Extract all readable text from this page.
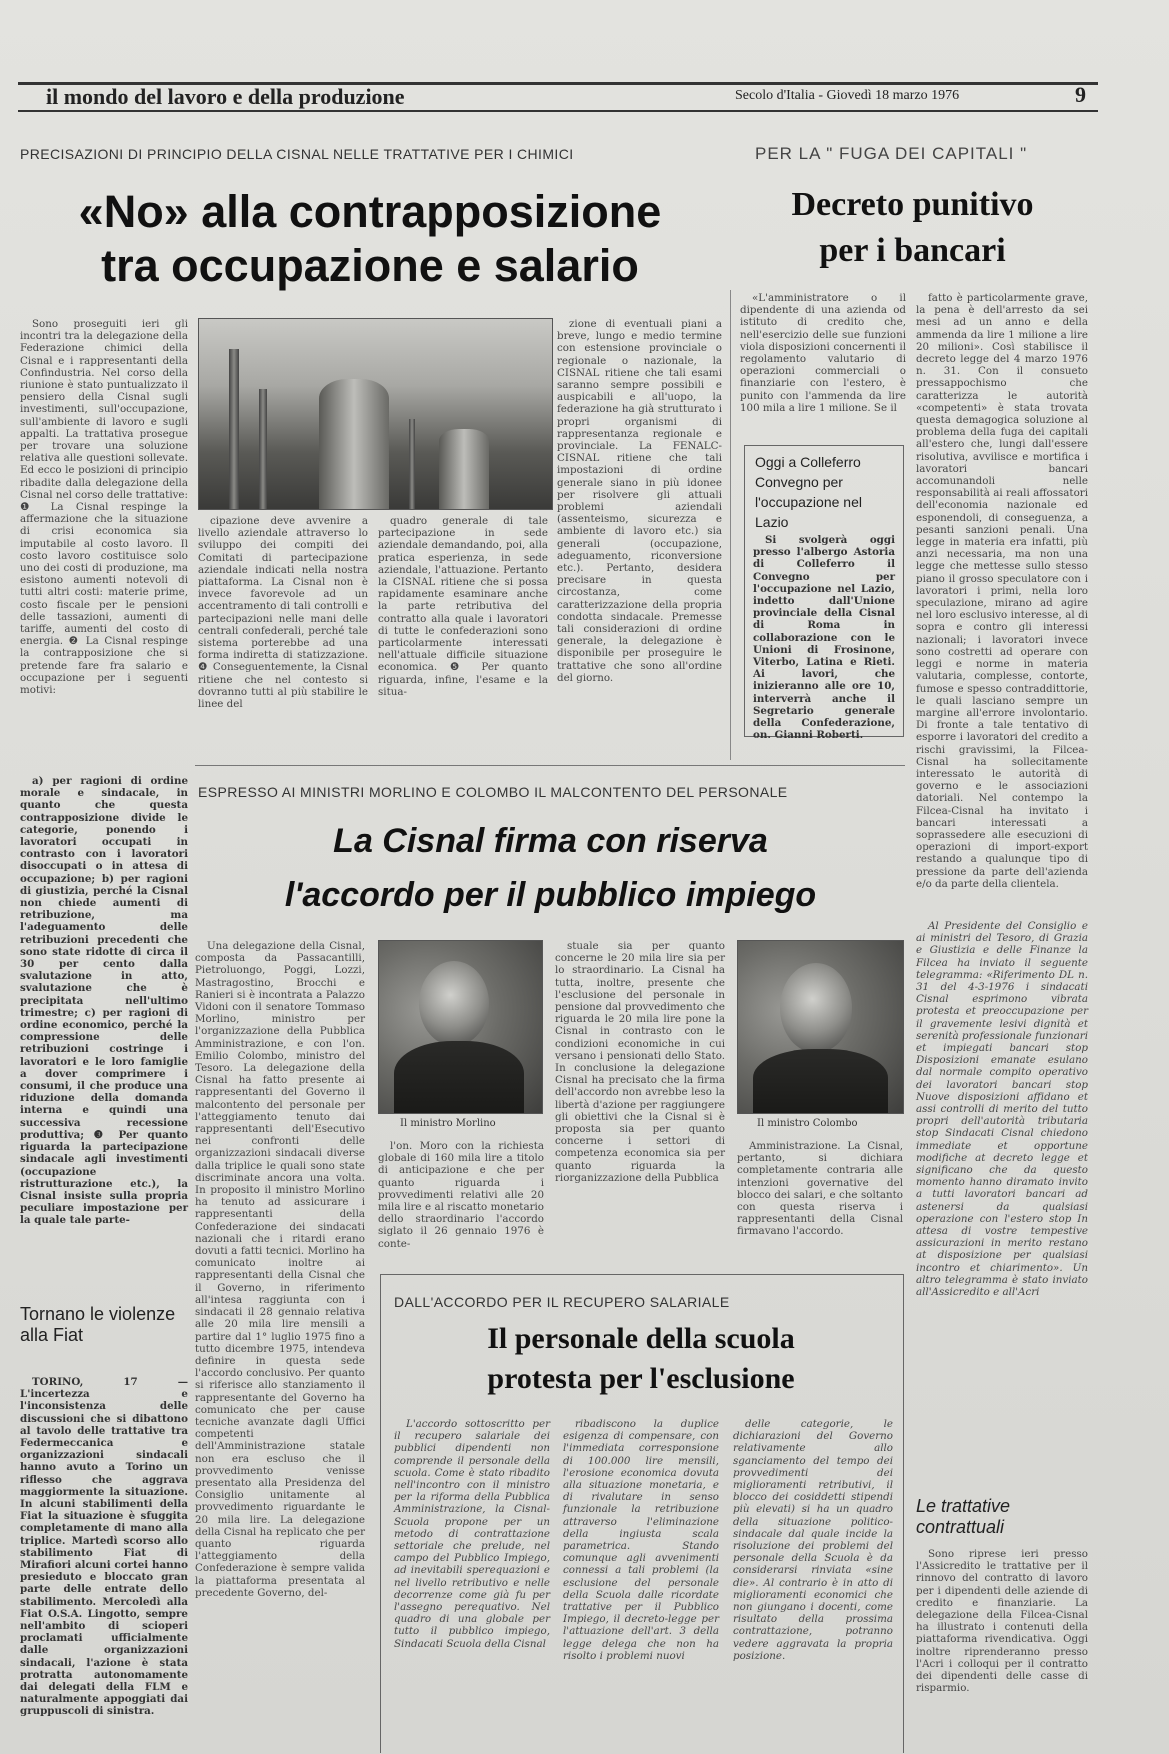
il mondo del lavoro e della produzione	Secolo d'Italia - Giovedì 18 marzo 1976	9
PRECISAZIONI DI PRINCIPIO DELLA CISNAL NELLE TRATTATIVE PER I CHIMICI
«No» alla contrapposizione
tra occupazione e salario

Sono proseguiti ieri gli incontri tra la delegazione della Federazione chimici della Cisnal e i rappresentanti della Confindustria. Nel corso della riunione è stato puntualizzato il pensiero della Cisnal sugli investimenti, sull'occupazione, sull'ambiente di lavoro e sugli appalti. La trattativa prosegue per trovare una soluzione relativa alle questioni sollevate. Ed ecco le posizioni di principio ribadite dalla delegazione della Cisnal nel corso delle trattative: ❶ La Cisnal respinge la affermazione che la situazione di crisi economica sia imputabile al costo lavoro. Il costo lavoro costituisce solo uno dei costi di produzione, ma esistono aumenti notevoli di tutti altri costi: materie prime, costo fiscale per le pensioni delle tassazioni, aumenti di tariffe, aumenti del costo di energia. ❷ La Cisnal respinge la contrapposizione che si pretende fare fra salario e occupazione per i seguenti motivi:

a) per ragioni di ordine morale e sindacale, in quanto che questa contrapposizione divide le categorie, ponendo i lavoratori occupati in contrasto con i lavoratori disoccupati o in attesa di occupazione; b) per ragioni di giustizia, perché la Cisnal non chiede aumenti di retribuzione, ma l'adeguamento delle retribuzioni precedenti che sono state ridotte di circa il 30 per cento dalla svalutazione in atto, svalutazione che è precipitata nell'ultimo trimestre; c) per ragioni di ordine economico, perché la compressione delle retribuzioni costringe i lavoratori e le loro famiglie a dover comprimere i consumi, il che produce una riduzione della domanda interna e quindi una successiva recessione produttiva; ❸ Per quanto riguarda la partecipazione sindacale agli investimenti (occupazione ristrutturazione etc.), la Cisnal insiste sulla propria peculiare impostazione per la quale tale parte-

cipazione deve avvenire a livello aziendale attraverso lo sviluppo dei compiti dei Comitati di partecipazione aziendale indicati nella nostra piattaforma. La Cisnal non è invece favorevole ad un accentramento di tali controlli e partecipazioni nelle mani delle centrali confederali, perché tale sistema porterebbe ad una forma indiretta di statizzazione. ❹ Conseguentemente, la Cisnal ritiene che nel contesto si dovranno tutti al più stabilire le linee del

quadro generale di tale partecipazione in sede aziendale demandando, poi, alla pratica esperienza, in sede aziendale, l'attuazione. Pertanto la CISNAL ritiene che si possa rapidamente esaminare anche la parte retributiva del contratto alla quale i lavoratori di tutte le confederazioni sono particolarmente interessati nell'attuale difficile situazione economica. ❺ Per quanto riguarda, infine, l'esame e la situa-

zione di eventuali piani a breve, lungo e medio termine con estensione provinciale o regionale o nazionale, la CISNAL ritiene che tali esami saranno sempre possibili e auspicabili e all'uopo, la federazione ha già strutturato i propri organismi di rappresentanza regionale e provinciale. La FENALC-CISNAL ritiene che tali impostazioni di ordine generale siano in più idonee per risolvere gli attuali problemi aziendali (assenteismo, sicurezza e ambiente di lavoro etc.) sia generali (occupazione, adeguamento, riconversione etc.). Pertanto, desidera precisare in questa circostanza, come caratterizzazione della propria condotta sindacale. Premesse tali considerazioni di ordine generale, la delegazione è disponibile per proseguire le trattative che sono all'ordine del giorno.

PER LA " FUGA DEI CAPITALI "
Decreto punitivo
per i bancari

«L'amministratore o il dipendente di una azienda od istituto di credito che, nell'esercizio delle sue funzioni viola disposizioni concernenti il regolamento valutario di operazioni commerciali o finanziarie con l'estero, è punito con l'ammenda da lire 100 mila a lire 1 milione. Se il

Oggi a Colleferro Convegno per l'occupazione nel Lazio

Si svolgerà oggi presso l'albergo Astoria di Colleferro il Convegno per l'occupazione nel Lazio, indetto dall'Unione provinciale della Cisnal di Roma in collaborazione con le Unioni di Frosinone, Viterbo, Latina e Rieti. Ai lavori, che inizieranno alle ore 10, interverrà anche il Segretario generale della Confederazione, on. Gianni Roberti.

fatto è particolarmente grave, la pena è dell'arresto da sei mesi ad un anno e della ammenda da lire 1 milione a lire 20 milioni». Così stabilisce il decreto legge del 4 marzo 1976 n. 31. Con il consueto pressappochismo che caratterizza le autorità «competenti» è stata trovata questa demagogica soluzione al problema della fuga dei capitali all'estero che, lungi dall'essere risolutiva, avvilisce e mortifica i lavoratori bancari accomunandoli nelle responsabilità ai reali affossatori dell'economia nazionale ed esponendoli, di conseguenza, a pesanti sanzioni penali. Una legge in materia era infatti, più anzi necessaria, ma non una legge che mettesse sullo stesso piano il grosso speculatore con i lavoratori i primi, nella loro speculazione, mirano ad agire nel loro esclusivo interesse, al di sopra e contro gli interessi nazionali; i lavoratori invece sono costretti ad operare con leggi e norme in materia valutaria, complesse, contorte, fumose e spesso contraddittorie, le quali lasciano sempre un margine all'errore involontario. Di fronte a tale tentativo di esporre i lavoratori del credito a rischi gravissimi, la Filcea-Cisnal ha sollecitamente interessato le autorità di governo e le associazioni datoriali. Nel contempo la Filcea-Cisnal ha invitato i bancari interessati a soprassedere alle esecuzioni di operazioni di import-export restando a qualunque tipo di pressione da parte dell'azienda e/o da parte della clientela.

Al Presidente del Consiglio e ai ministri del Tesoro, di Grazia e Giustizia e delle Finanze la Filcea ha inviato il seguente telegramma: «Riferimento DL n. 31 del 4-3-1976 i sindacati Cisnal esprimono vibrata protesta et preoccupazione per il gravemente lesivi dignità et serenità professionale funzionari et impiegati bancari stop Disposizioni emanate esulano dal normale compito operativo dei lavoratori bancari stop Nuove disposizioni affidano et assi controlli di merito del tutto propri dell'autorità tributaria stop Sindacati Cisnal chiedono immediate et opportune modifiche at decreto legge et significano che da questo momento hanno diramato invito a tutti lavoratori bancari ad astenersi da qualsiasi operazione con l'estero stop In attesa di vostre tempestive assicurazioni in merito restano at disposizione per qualsiasi incontro et chiarimento». Un altro telegramma è stato inviato all'Assicredito e all'Acri

Le trattative contrattuali

Sono riprese ieri presso l'Assicredito le trattative per il rinnovo del contratto di lavoro per i dipendenti delle aziende di credito e finanziarie. La delegazione della Filcea-Cisnal ha illustrato i contenuti della piattaforma rivendicativa. Oggi inoltre riprenderanno presso l'Acri i colloqui per il contratto dei dipendenti delle casse di risparmio.

ESPRESSO AI MINISTRI MORLINO E COLOMBO IL MALCONTENTO DEL PERSONALE
La Cisnal firma con riserva
l'accordo per il pubblico impiego

Una delegazione della Cisnal, composta da Passacantilli, Pietroluongo, Poggi, Lozzi, Mastragostino, Brocchi e Ranieri si è incontrata a Palazzo Vidoni con il senatore Tommaso Morlino, ministro per l'organizzazione della Pubblica Amministrazione, e con l'on. Emilio Colombo, ministro del Tesoro. La delegazione della Cisnal ha fatto presente ai rappresentanti del Governo il malcontento del personale per l'atteggiamento tenuto dai rappresentanti dell'Esecutivo nei confronti delle organizzazioni sindacali diverse dalla triplice le quali sono state discriminate ancora una volta. In proposito il ministro Morlino ha tenuto ad assicurare i rappresentanti della Confederazione dei sindacati nazionali che i ritardi erano dovuti a fatti tecnici. Morlino ha comunicato inoltre ai rappresentanti della Cisnal che il Governo, in riferimento all'intesa raggiunta con i sindacati il 28 gennaio relativa alle 20 mila lire mensili a partire dal 1° luglio 1975 fino a tutto dicembre 1975, intendeva definire in questa sede l'accordo conclusivo. Per quanto si riferisce allo stanziamento il rappresentante del Governo ha comunicato che per cause tecniche avanzate dagli Uffici competenti dell'Amministrazione statale non era escluso che il provvedimento venisse presentato alla Presidenza del Consiglio unitamente al provvedimento riguardante le 20 mila lire. La delegazione della Cisnal ha replicato che per quanto riguarda l'atteggiamento della Confederazione è sempre valida la piattaforma presentata al precedente Governo, del-

Il ministro Morlino

l'on. Moro con la richiesta globale di 160 mila lire a titolo di anticipazione e che per quanto riguarda i provvedimenti relativi alle 20 mila lire e al riscatto monetario dello straordinario l'accordo siglato il 26 gennaio 1976 è conte-

stuale sia per quanto concerne le 20 mila lire sia per lo straordinario. La Cisnal ha tutta, inoltre, presente che l'esclusione del personale in pensione dal provvedimento che riguarda le 20 mila lire pone la Cisnal in contrasto con le condizioni economiche in cui versano i pensionati dello Stato. In conclusione la delegazione Cisnal ha precisato che la firma dell'accordo non avrebbe leso la libertà d'azione per raggiungere gli obiettivi che la Cisnal si è proposta sia per quanto concerne i settori di competenza economica sia per quanto riguarda la riorganizzazione della Pubblica

Il ministro Colombo

Amministrazione. La Cisnal, pertanto, si dichiara completamente contraria alle intenzioni governative del blocco dei salari, e che soltanto con questa riserva i rappresentanti della Cisnal firmavano l'accordo.

Tornano le violenze alla Fiat

TORINO, 17 — L'incertezza e l'inconsistenza delle discussioni che si dibattono al tavolo delle trattative tra Federmeccanica e organizzazioni sindacali hanno avuto a Torino un riflesso che aggrava maggiormente la situazione. In alcuni stabilimenti della Fiat la situazione è sfuggita completamente di mano alla triplice. Martedì scorso allo stabilimento Fiat di Mirafiori alcuni cortei hanno presieduto e bloccato gran parte delle entrate dello stabilimento. Mercoledì alla Fiat O.S.A. Lingotto, sempre nell'ambito di scioperi proclamati ufficialmente dalle organizzazioni sindacali, l'azione è stata protratta autonomamente dai delegati della FLM e naturalmente appoggiati dai gruppuscoli di sinistra.

DALL'ACCORDO PER IL RECUPERO SALARIALE
Il personale della scuola
protesta per l'esclusione

L'accordo sottoscritto per il recupero salariale dei pubblici dipendenti non comprende il personale della scuola. Come è stato ribadito nell'incontro con il ministro per la riforma della Pubblica Amministrazione, la Cisnal-Scuola propone per un metodo di contrattazione settoriale che prelude, nel campo del Pubblico Impiego, ad inevitabili sperequazioni e nel livello retributivo e nelle decorrenze come già fu per l'assegno perequativo. Nel quadro di una globale per tutto il pubblico impiego, Sindacati Scuola della Cisnal

ribadiscono la duplice esigenza di compensare, con l'immediata corresponsione di 100.000 lire mensili, l'erosione economica dovuta alla situazione monetaria, e di rivalutare in senso funzionale la retribuzione attraverso l'eliminazione della ingiusta scala parametrica. Stando comunque agli avvenimenti connessi a tali problemi (la esclusione del personale della Scuola dalle ricordate trattative per il Pubblico Impiego, il decreto-legge per l'attuazione dell'art. 3 della legge delega che non ha risolto i problemi nuovi

delle categorie, le dichiarazioni del Governo relativamente allo sganciamento del tempo dei provvedimenti dei miglioramenti retributivi, il blocco dei cosiddetti stipendi più elevati) si ha un quadro della situazione politico-sindacale dal quale incide la risoluzione dei problemi del personale della Scuola è da considerarsi rinviata «sine die». Al contrario è in atto di miglioramenti economici che non giungano i docenti, come risultato della prossima contrattazione, potranno vedere aggravata la propria posizione.
